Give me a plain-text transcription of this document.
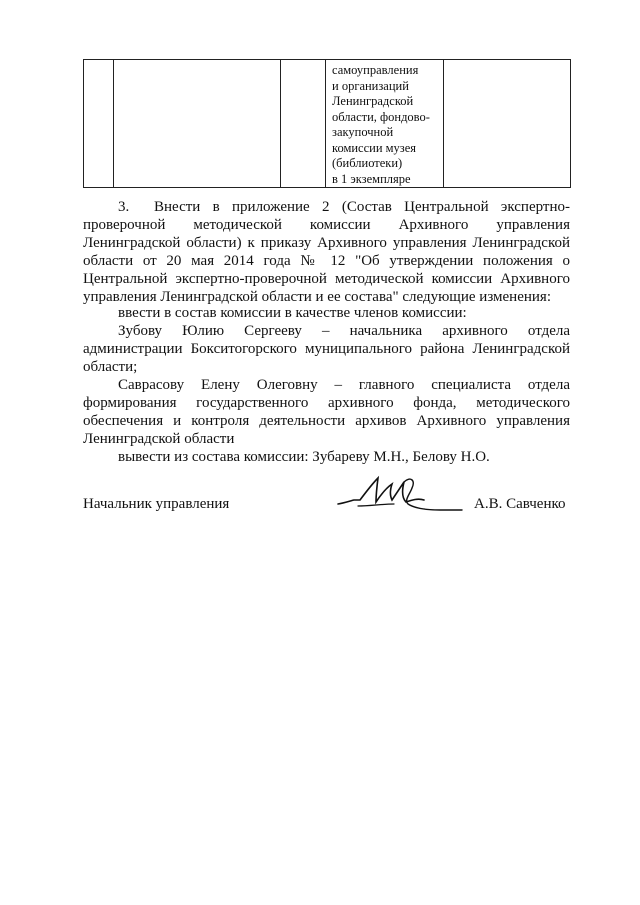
самоуправления
и организаций
Ленинградской
области, фондово-
закупочной
комиссии музея
(библиотеки)
в 1 экземпляре

3. Внести в приложение 2 (Состав Центральной экспертно-проверочной методической комиссии Архивного управления Ленинградской области) к приказу Архивного управления Ленинградской области от 20 мая 2014 года № 12 "Об утверждении положения о Центральной экспертно-проверочной методической комиссии Архивного управления Ленинградской области и ее состава" следующие изменения:
ввести в состав комиссии в качестве членов комиссии:
Зубову Юлию Сергееву – начальника архивного отдела администрации Бокситогорского муниципального района Ленинградской области;
Саврасову Елену Олеговну – главного специалиста отдела формирования государственного архивного фонда, методического обеспечения и контроля деятельности архивов Архивного управления Ленинградской области
вывести из состава комиссии: Зубареву М.Н., Белову Н.О.
Начальник управления	А.В. Савченко
